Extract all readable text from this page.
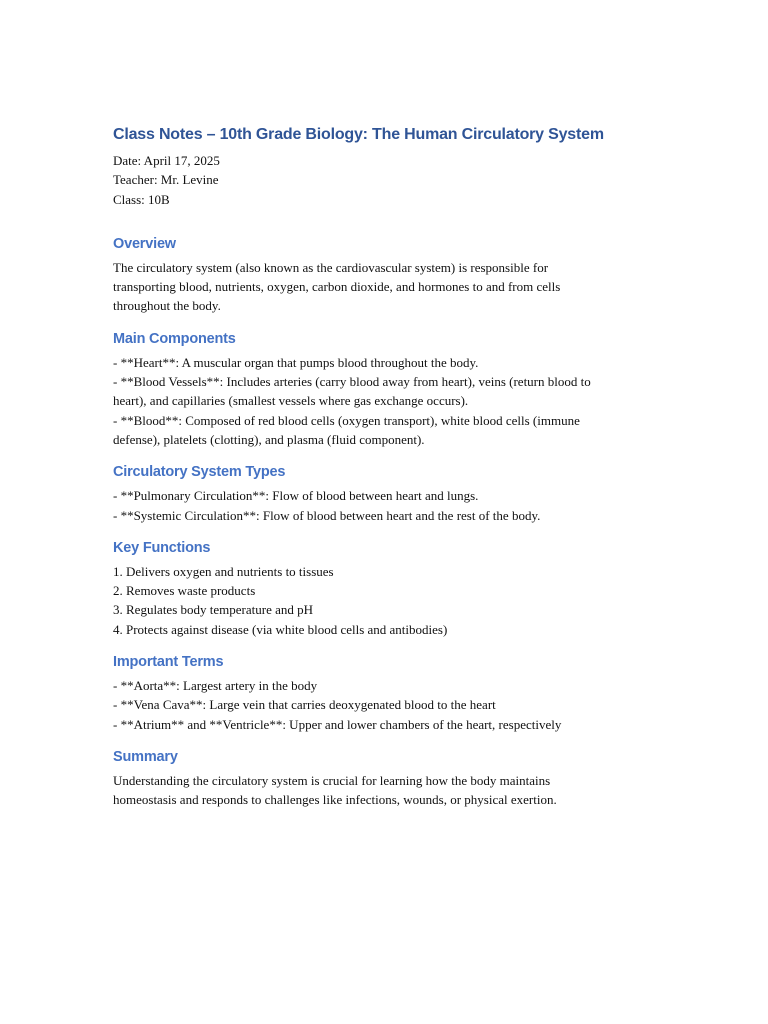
Class Notes – 10th Grade Biology: The Human Circulatory System

Date: April 17, 2025

Teacher: Mr. Levine

Class: 10B

Overview

The circulatory system (also known as the cardiovascular system) is responsible for

transporting blood, nutrients, oxygen, carbon dioxide, and hormones to and from cells

throughout the body.

Main Components

- **Heart**: A muscular organ that pumps blood throughout the body.

- **Blood Vessels**: Includes arteries (carry blood away from heart), veins (return blood to

heart), and capillaries (smallest vessels where gas exchange occurs).

- **Blood**: Composed of red blood cells (oxygen transport), white blood cells (immune

defense), platelets (clotting), and plasma (fluid component).

Circulatory System Types

- **Pulmonary Circulation**: Flow of blood between heart and lungs.

- **Systemic Circulation**: Flow of blood between heart and the rest of the body.

Key Functions

1. Delivers oxygen and nutrients to tissues

2. Removes waste products

3. Regulates body temperature and pH

4. Protects against disease (via white blood cells and antibodies)

Important Terms

- **Aorta**: Largest artery in the body

- **Vena Cava**: Large vein that carries deoxygenated blood to the heart

- **Atrium** and **Ventricle**: Upper and lower chambers of the heart, respectively

Summary

Understanding the circulatory system is crucial for learning how the body maintains

homeostasis and responds to challenges like infections, wounds, or physical exertion.
